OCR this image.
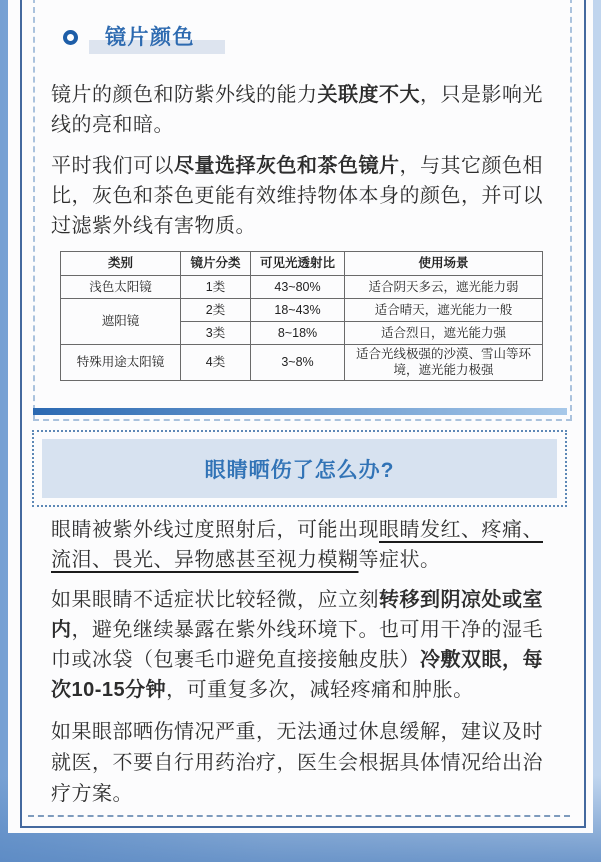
镜片颜色

镜片的颜色和防紫外线的能力关联度不大，只是影响光线的亮和暗。

平时我们可以尽量选择灰色和茶色镜片，与其它颜色相比，灰色和茶色更能有效维持物体本身的颜色，并可以过滤紫外线有害物质。

类别	镜片分类	可见光透射比	使用场景
浅色太阳镜	1类	43~80%	适合阴天多云，遮光能力弱
遮阳镜	2类	18~43%	适合晴天，遮光能力一般
	3类	8~18%	适合烈日，遮光能力强
特殊用途太阳镜	4类	3~8%	适合光线极强的沙漠、雪山等环境，遮光能力极强
眼睛晒伤了怎么办?

眼睛被紫外线过度照射后，可能出现眼睛发红、疼痛、流泪、畏光、异物感甚至视力模糊等症状。

如果眼睛不适症状比较轻微，应立刻转移到阴凉处或室内，避免继续暴露在紫外线环境下。也可用干净的湿毛巾或冰袋（包裹毛巾避免直接接触皮肤）冷敷双眼，每次10-15分钟，可重复多次，减轻疼痛和肿胀。

如果眼部晒伤情况严重，无法通过休息缓解，建议及时就医，不要自行用药治疗，医生会根据具体情况给出治疗方案。
